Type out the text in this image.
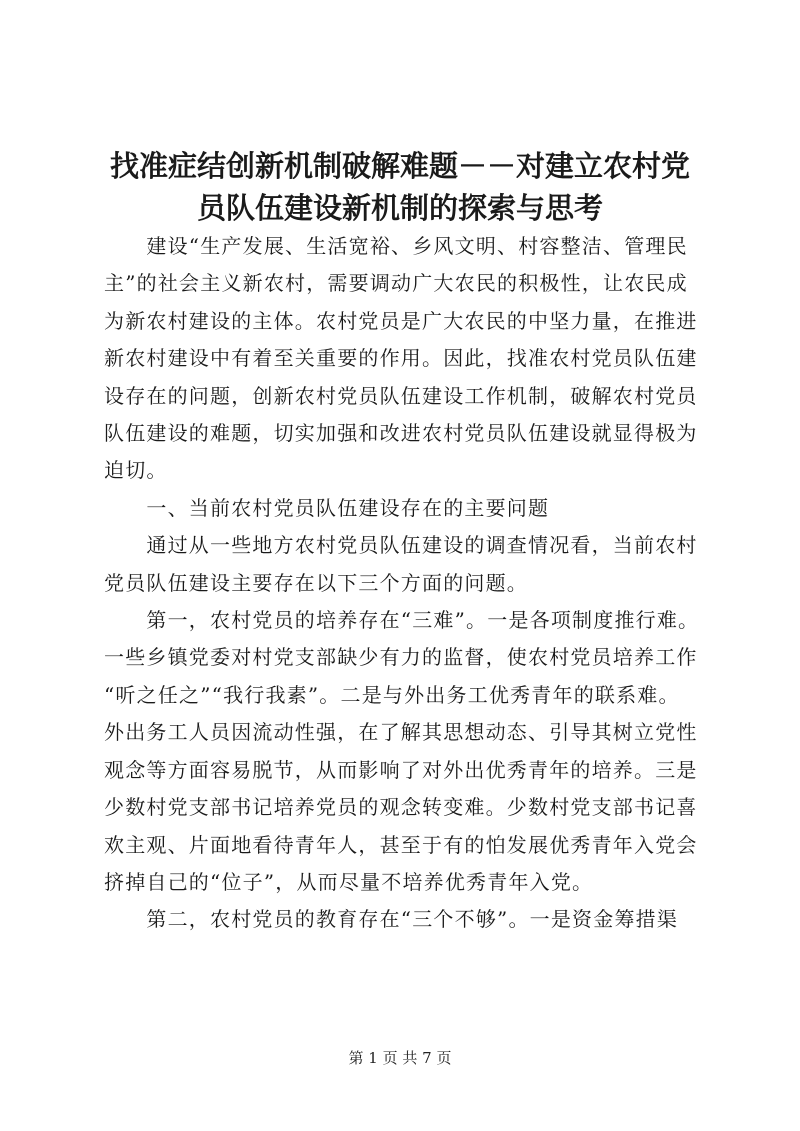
找准症结创新机制破解难题－－对建立农村党
员队伍建设新机制的探索与思考

　　建设“生产发展、生活宽裕、乡风文明、村容整洁、管理民
主”的社会主义新农村，需要调动广大农民的积极性，让农民成
为新农村建设的主体。农村党员是广大农民的中坚力量，在推进
新农村建设中有着至关重要的作用。因此，找准农村党员队伍建
设存在的问题，创新农村党员队伍建设工作机制，破解农村党员
队伍建设的难题，切实加强和改进农村党员队伍建设就显得极为
迫切。

　　一、当前农村党员队伍建设存在的主要问题

　　通过从一些地方农村党员队伍建设的调查情况看，当前农村
党员队伍建设主要存在以下三个方面的问题。

　　第一，农村党员的培养存在“三难”。一是各项制度推行难。
一些乡镇党委对村党支部缺少有力的监督，使农村党员培养工作
“听之任之”“我行我素”。二是与外出务工优秀青年的联系难。
外出务工人员因流动性强，在了解其思想动态、引导其树立党性
观念等方面容易脱节，从而影响了对外出优秀青年的培养。三是
少数村党支部书记培养党员的观念转变难。少数村党支部书记喜
欢主观、片面地看待青年人，甚至于有的怕发展优秀青年入党会
挤掉自己的“位子”，从而尽量不培养优秀青年入党。

　　第二，农村党员的教育存在“三个不够”。一是资金筹措渠

第 1 页 共 7 页
